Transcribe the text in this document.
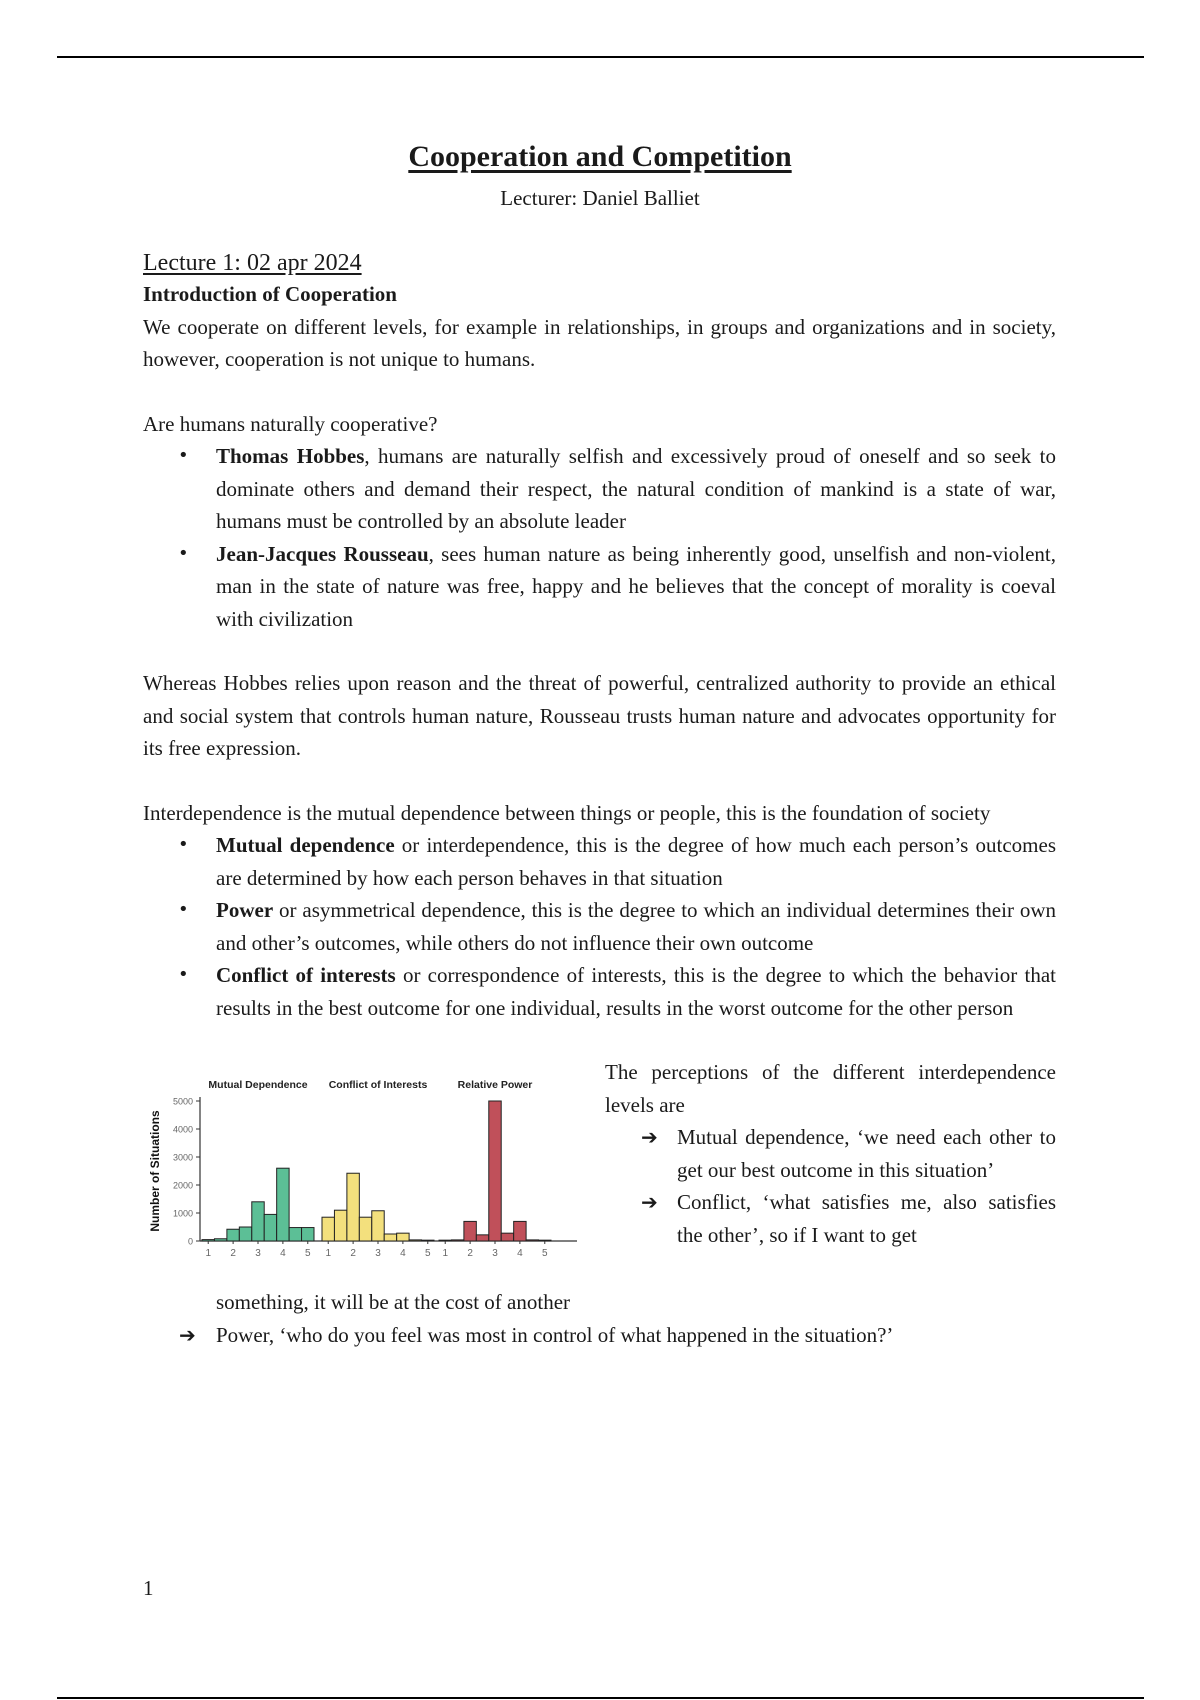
Cooperation and Competition
Lecturer: Daniel Balliet
Lecture 1: 02 apr 2024
Introduction of Cooperation

We cooperate on different levels, for example in relationships, in groups and organizations and in society, however, cooperation is not unique to humans.

Are humans naturally cooperative?

• Thomas Hobbes, humans are naturally selfish and excessively proud of oneself and so seek to dominate others and demand their respect, the natural condition of mankind is a state of war, humans must be controlled by an absolute leader
• Jean-Jacques Rousseau, sees human nature as being inherently good, unselfish and non-violent, man in the state of nature was free, happy and he believes that the concept of morality is coeval with civilization

Whereas Hobbes relies upon reason and the threat of powerful, centralized authority to provide an ethical and social system that controls human nature, Rousseau trusts human nature and advocates opportunity for its free expression.

Interdependence is the mutual dependence between things or people, this is the foundation of society

• Mutual dependence or interdependence, this is the degree of how much each person’s outcomes are determined by how each person behaves in that situation
• Power or asymmetrical dependence, this is the degree to which an individual determines their own and other’s outcomes, while others do not influence their own outcome
• Conflict of interests or correspondence of interests, this is the degree to which the behavior that results in the best outcome for one individual, results in the worst outcome for the other person
Number of Situations
0
1000
2000
3000
4000
5000
Mutual Dependence
1 2 3 4 5
Conflict of Interests
1 2 3 4 5
Relative Power
1 2 3 4 5

The perceptions of the different interdependence levels are

➔ Mutual dependence, ‘we need each other to get our best outcome in this situation’
➔ Conflict, ‘what satisfies me, also satisfies the other’, so if I want to get
something, it will be at the cost of another
➔ Power, ‘who do you feel was most in control of what happened in the situation?’
1
